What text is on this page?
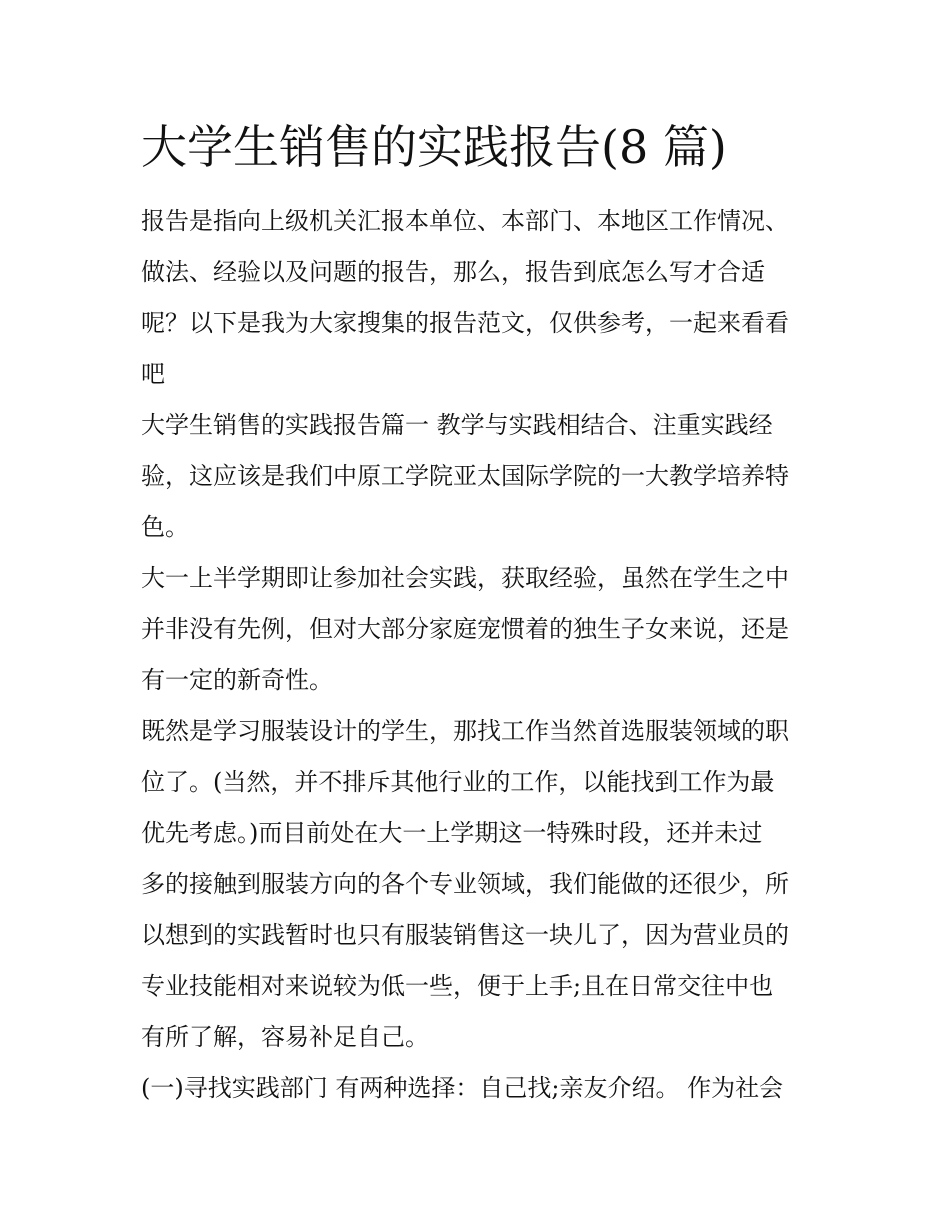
大学生销售的实践报告(8 篇)

报告是指向上级机关汇报本单位、本部门、本地区工作情况、
做法、经验以及问题的报告，那么，报告到底怎么写才合适
呢？以下是我为大家搜集的报告范文，仅供参考，一起来看看
吧

大学生销售的实践报告篇一 教学与实践相结合、注重实践经
验，这应该是我们中原工学院亚太国际学院的一大教学培养特
色。

大一上半学期即让参加社会实践，获取经验，虽然在学生之中
并非没有先例，但对大部分家庭宠惯着的独生子女来说，还是
有一定的新奇性。

既然是学习服装设计的学生，那找工作当然首选服装领域的职
位了。(当然，并不排斥其他行业的工作，以能找到工作为最
优先考虑。)而目前处在大一上学期这一特殊时段，还并未过
多的接触到服装方向的各个专业领域，我们能做的还很少，所
以想到的实践暂时也只有服装销售这一块儿了，因为营业员的
专业技能相对来说较为低一些，便于上手;且在日常交往中也
有所了解，容易补足自己。

(一)寻找实践部门 有两种选择：自己找;亲友介绍。 作为社会
